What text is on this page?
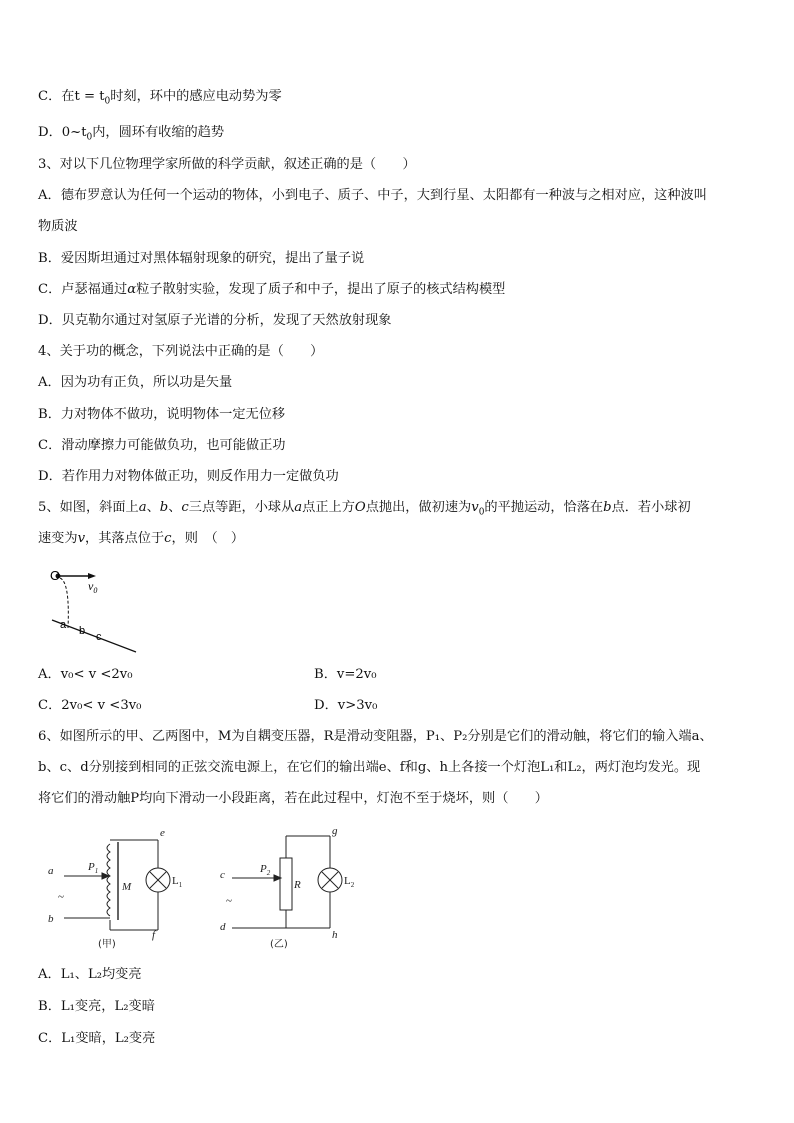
C．在$t = t_0$时刻，环中的感应电动势为零
D．$0\sim t_0$内，圆环有收缩的趋势
3、对以下几位物理学家所做的科学贡献，叙述正确的是（　　）
A．德布罗意认为任何一个运动的物体，小到电子、质子、中子，大到行星、太阳都有一种波与之相对应，这种波叫
物质波
B．爱因斯坦通过对黑体辐射现象的研究，提出了量子说
C．卢瑟福通过α粒子散射实验，发现了质子和中子，提出了原子的核式结构模型
D．贝克勒尔通过对氢原子光谱的分析，发现了天然放射现象
4、关于功的概念，下列说法中正确的是（　　）
A．因为功有正负，所以功是矢量
B．力对物体不做功，说明物体一定无位移
C．滑动摩擦力可能做负功，也可能做正功
D．若作用力对物体做正功，则反作用力一定做负功
5、如图，斜面上a、b、c三点等距，小球从a点正上方O点抛出，做初速为$v_0$的平抛运动，恰落在b点．若小球初
速变为v，其落点位于c，则　（　）
O
$v_0$
a b c
A．v₀< v <2v₀	B．v=2v₀
C．2v₀< v <3v₀	D．v>3v₀
6、如图所示的甲、乙两图中，M为自耦变压器，R是滑动变阻器，P₁、P₂分别是它们的滑动触，将它们的输入端a、
b、c、d分别接到相同的正弦交流电源上，在它们的输出端e、f和g、h上各接一个灯泡L₁和L₂，两灯泡均发光。现
将它们的滑动触P均向下滑动一小段距离，若在此过程中，灯泡不至于烧坏，则（　　）
a
b
~
$P_1$
M
e
f
$L_1$
(甲)
c
d
~
$P_2$
R
g
h
$L_2$
(乙)
A．L₁、L₂均变亮
B．L₁变亮，L₂变暗
C．L₁变暗，L₂变亮
